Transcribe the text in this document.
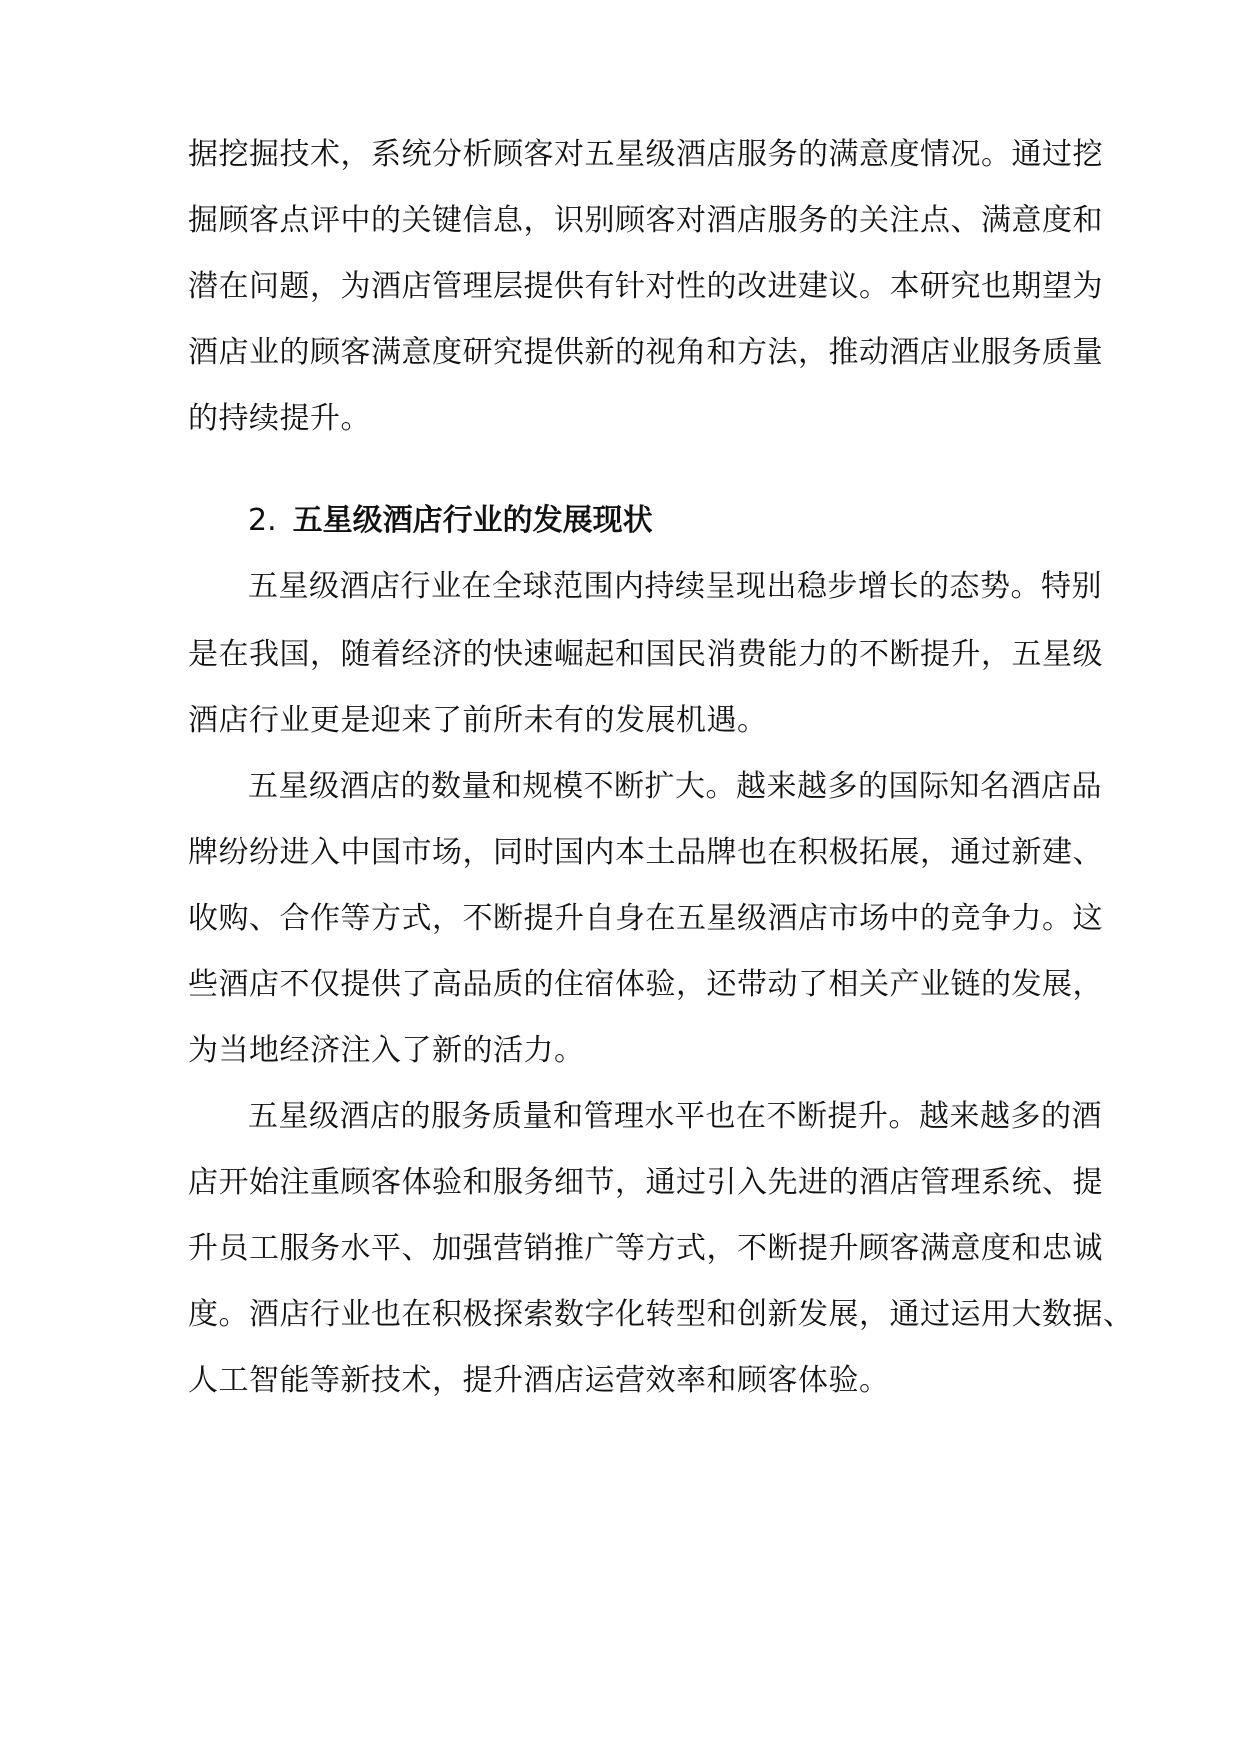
据挖掘技术，系统分析顾客对五星级酒店服务的满意度情况。通过挖
掘顾客点评中的关键信息，识别顾客对酒店服务的关注点、满意度和
潜在问题，为酒店管理层提供有针对性的改进建议。本研究也期望为
酒店业的顾客满意度研究提供新的视角和方法，推动酒店业服务质量
的持续提升。
2. 五星级酒店行业的发展现状
五星级酒店行业在全球范围内持续呈现出稳步增长的态势。特别
是在我国，随着经济的快速崛起和国民消费能力的不断提升，五星级
酒店行业更是迎来了前所未有的发展机遇。
五星级酒店的数量和规模不断扩大。越来越多的国际知名酒店品
牌纷纷进入中国市场，同时国内本土品牌也在积极拓展，通过新建、
收购、合作等方式，不断提升自身在五星级酒店市场中的竞争力。这
些酒店不仅提供了高品质的住宿体验，还带动了相关产业链的发展，
为当地经济注入了新的活力。
五星级酒店的服务质量和管理水平也在不断提升。越来越多的酒
店开始注重顾客体验和服务细节，通过引入先进的酒店管理系统、提
升员工服务水平、加强营销推广等方式，不断提升顾客满意度和忠诚
度。酒店行业也在积极探索数字化转型和创新发展，通过运用大数据、
人工智能等新技术，提升酒店运营效率和顾客体验。
